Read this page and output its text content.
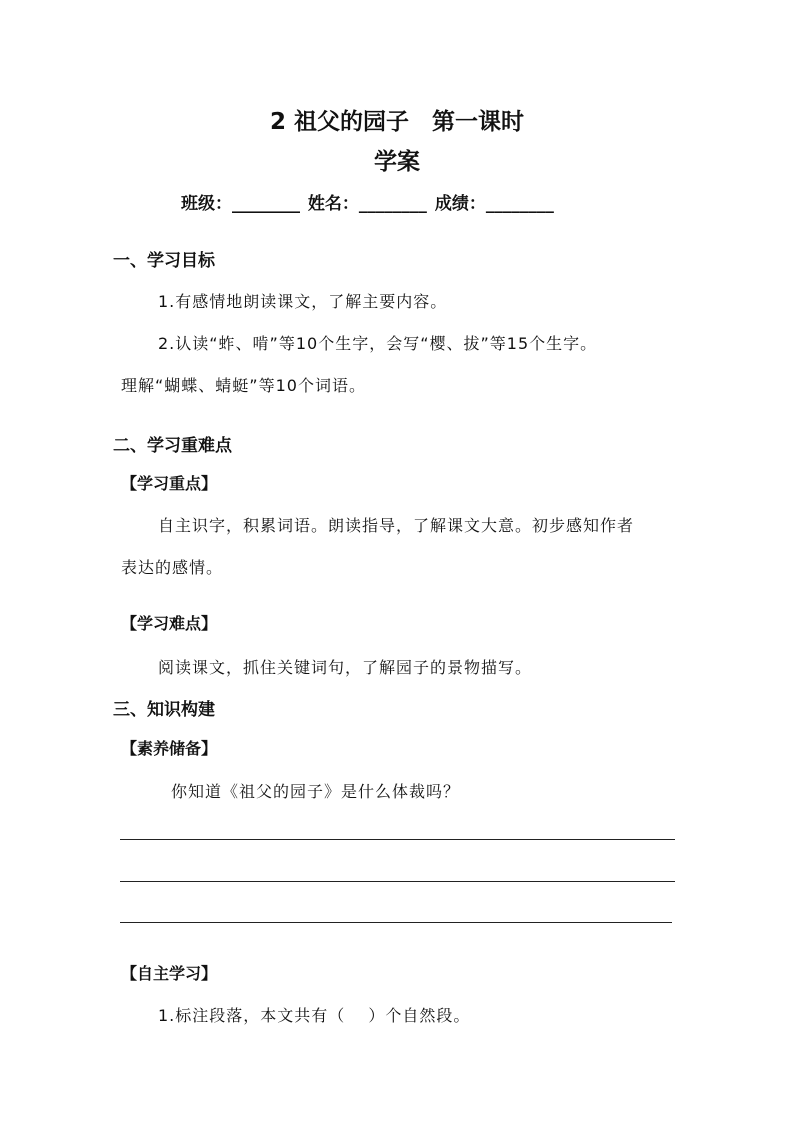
2 祖父的园子　第一课时
学案
班级：________ 姓名：________ 成绩：________
一、学习目标
1.有感情地朗读课文，了解主要内容。
2.认读“蚱、啃”等10个生字，会写“樱、拔”等15个生字。
理解“蝴蝶、蜻蜓”等10个词语。
二、学习重难点
【学习重点】
自主识字，积累词语。朗读指导，了解课文大意。初步感知作者
表达的感情。
【学习难点】
阅读课文，抓住关键词句，了解园子的景物描写。
三、知识构建
【素养储备】
你知道《祖父的园子》是什么体裁吗？
【自主学习】
1.标注段落，本文共有（　 ）个自然段。
